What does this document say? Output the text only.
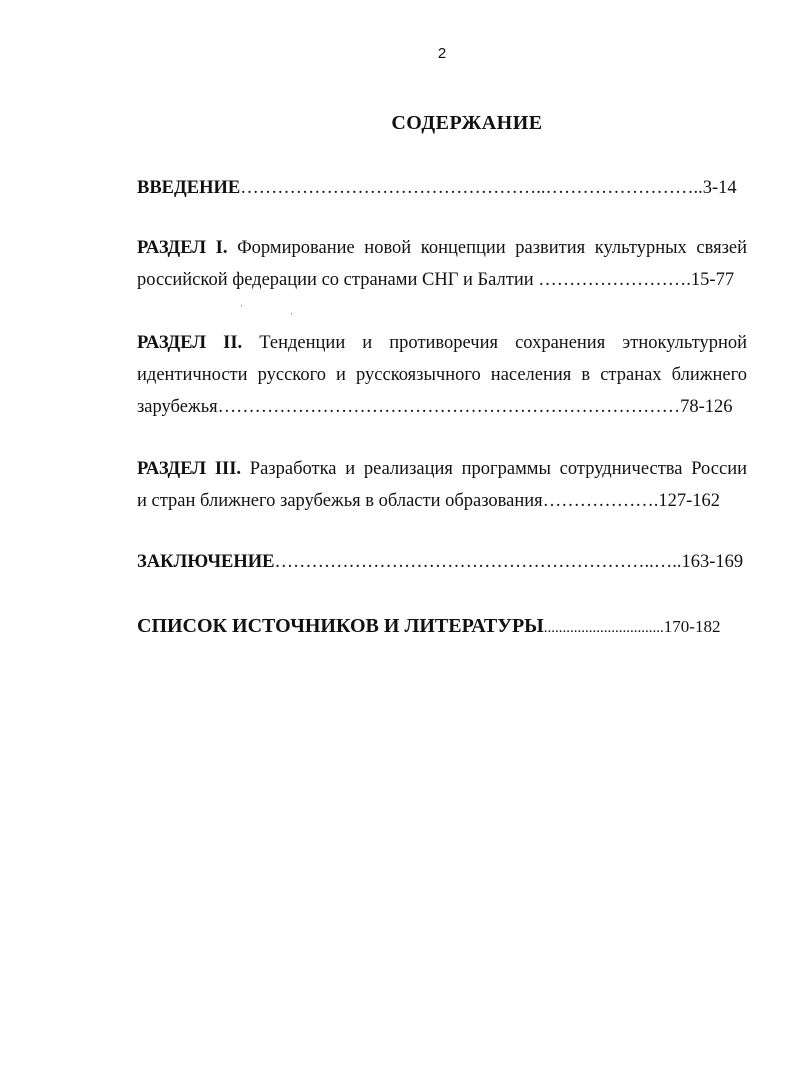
2
СОДЕРЖАНИЕ
ВВЕДЕНИЕ…………………………………………..……………………..3-14
РАЗДЕЛ I. Формирование новой концепции развития культурных связей
российской федерации со странами СНГ и Балтии …………………….15-77
ˈ	ˌ
РАЗДЕЛ II. Тенденции и противоречия сохранения этнокультурной
идентичности русского и русскоязычного населения в странах ближнего
зарубежья…………………………………………………………………78-126
РАЗДЕЛ III. Разработка и реализация программы сотрудничества России
и стран ближнего зарубежья в области образования……………….127-162
ЗАКЛЮЧЕНИЕ……………………………………………………..…..163-169
СПИСОК ИСТОЧНИКОВ И ЛИТЕРАТУРЫ................................170-182
